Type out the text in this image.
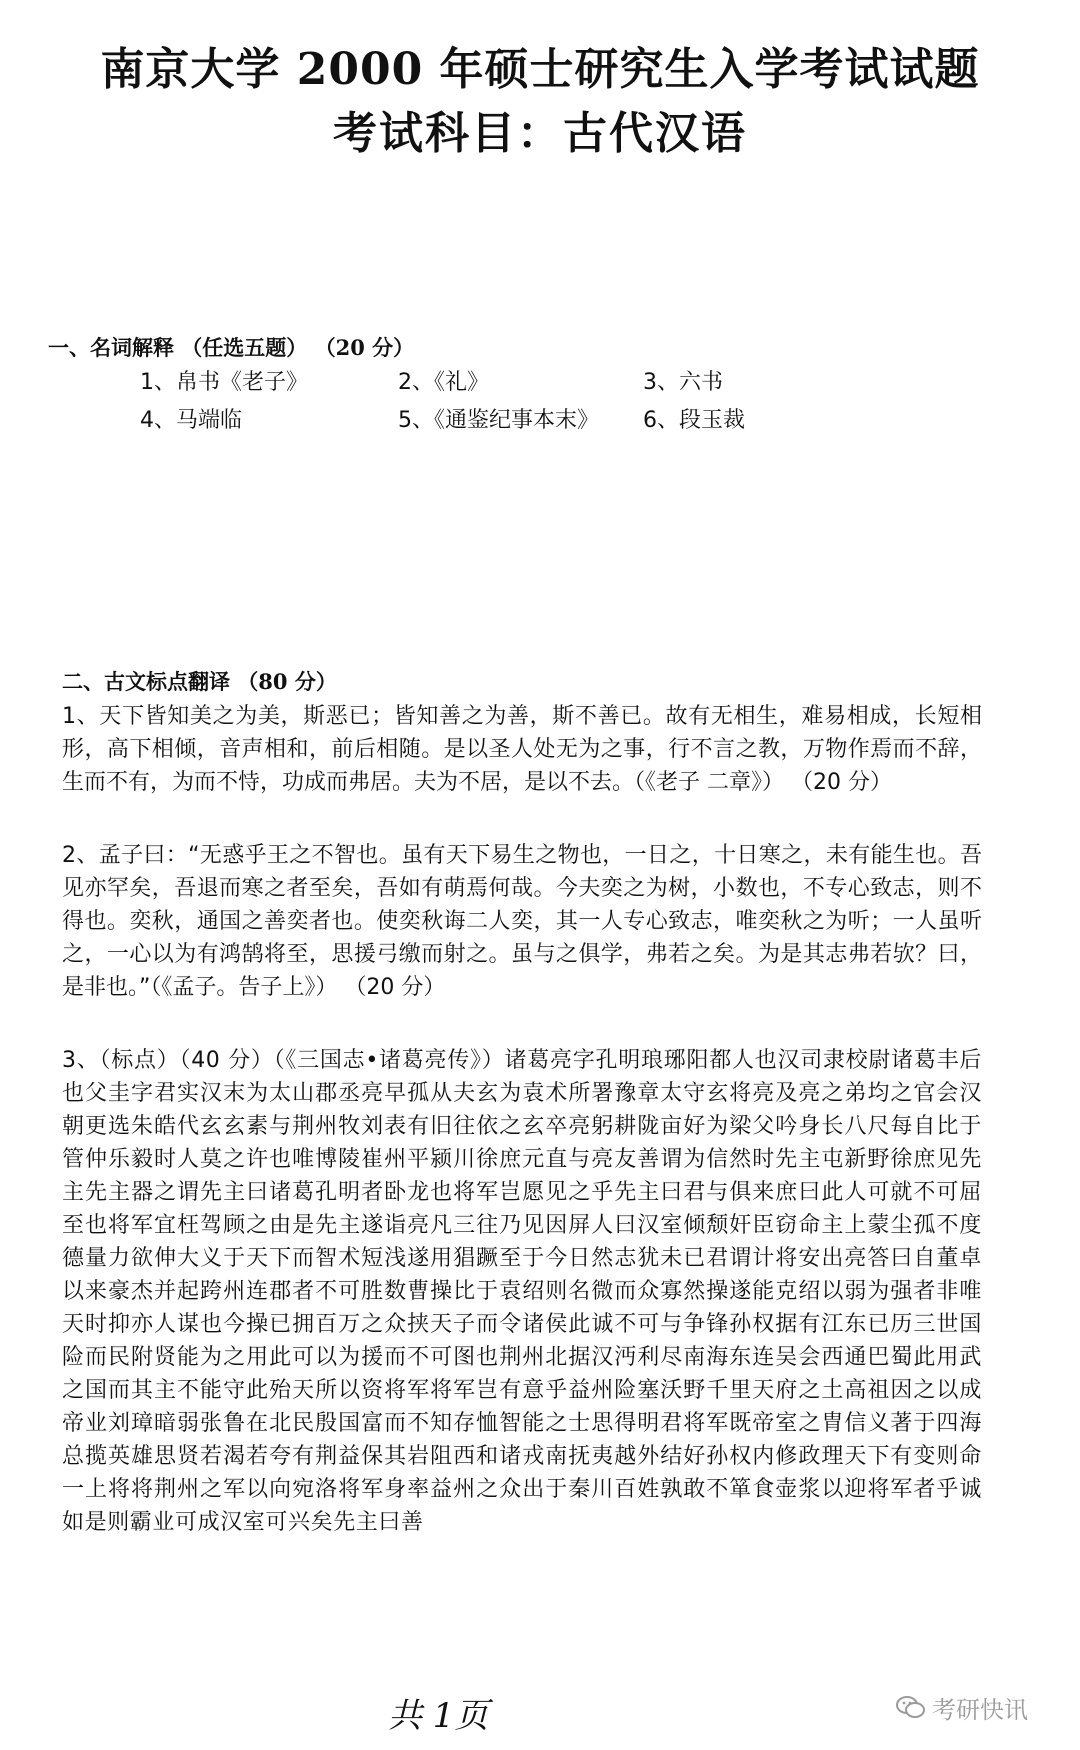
南京大学 2000 年硕士研究生入学考试试题
考试科目：古代汉语
一、名词解释 （任选五题） （20 分）
1、帛书《老子》	2、《礼》	3、六书
4、马端临	5、《通鉴纪事本末》	6、段玉裁
二、古文标点翻译 （80 分）
1、天下皆知美之为美，斯恶已；皆知善之为善，斯不善已。故有无相生，难易相成，长短相形，高下相倾，音声相和，前后相随。是以圣人处无为之事，行不言之教，万物作焉而不辞，生而不有，为而不恃，功成而弗居。夫为不居，是以不去。（《老子 二章》） （20 分）
2、孟子曰：“无惑乎王之不智也。虽有天下易生之物也，一日之，十日寒之，未有能生也。吾见亦罕矣，吾退而寒之者至矣，吾如有萌焉何哉。今夫奕之为树，小数也，不专心致志，则不得也。奕秋，通国之善奕者也。使奕秋诲二人奕，其一人专心致志，唯奕秋之为听；一人虽听之，一心以为有鸿鹄将至，思援弓缴而射之。虽与之俱学，弗若之矣。为是其志弗若欤？曰，是非也。”（《孟子。告子上》） （20 分）
3、（标点）（40 分）（《三国志•诸葛亮传》）诸葛亮字孔明琅琊阳都人也汉司隶校尉诸葛丰后也父圭字君实汉末为太山郡丞亮早孤从夫玄为袁术所署豫章太守玄将亮及亮之弟均之官会汉朝更选朱皓代玄玄素与荆州牧刘表有旧往依之玄卒亮躬耕陇亩好为梁父吟身长八尺每自比于管仲乐毅时人莫之许也唯博陵崔州平颍川徐庶元直与亮友善谓为信然时先主屯新野徐庶见先主先主器之谓先主曰诸葛孔明者卧龙也将军岂愿见之乎先主曰君与俱来庶曰此人可就不可屈至也将军宜枉驾顾之由是先主遂诣亮凡三往乃见因屏人曰汉室倾颓奸臣窃命主上蒙尘孤不度德量力欲伸大义于天下而智术短浅遂用猖蹶至于今日然志犹未已君谓计将安出亮答曰自董卓以来豪杰并起跨州连郡者不可胜数曹操比于袁绍则名微而众寡然操遂能克绍以弱为强者非唯天时抑亦人谋也今操已拥百万之众挟天子而令诸侯此诚不可与争锋孙权据有江东已历三世国险而民附贤能为之用此可以为援而不可图也荆州北据汉沔利尽南海东连吴会西通巴蜀此用武之国而其主不能守此殆天所以资将军将军岂有意乎益州险塞沃野千里天府之土高祖因之以成帝业刘璋暗弱张鲁在北民殷国富而不知存恤智能之士思得明君将军既帝室之胄信义著于四海总揽英雄思贤若渴若夸有荆益保其岩阻西和诸戎南抚夷越外结好孙权内修政理天下有变则命一上将将荆州之军以向宛洛将军身率益州之众出于秦川百姓孰敢不箪食壶浆以迎将军者乎诚如是则霸业可成汉室可兴矣先主曰善
共 1页	考研快讯
